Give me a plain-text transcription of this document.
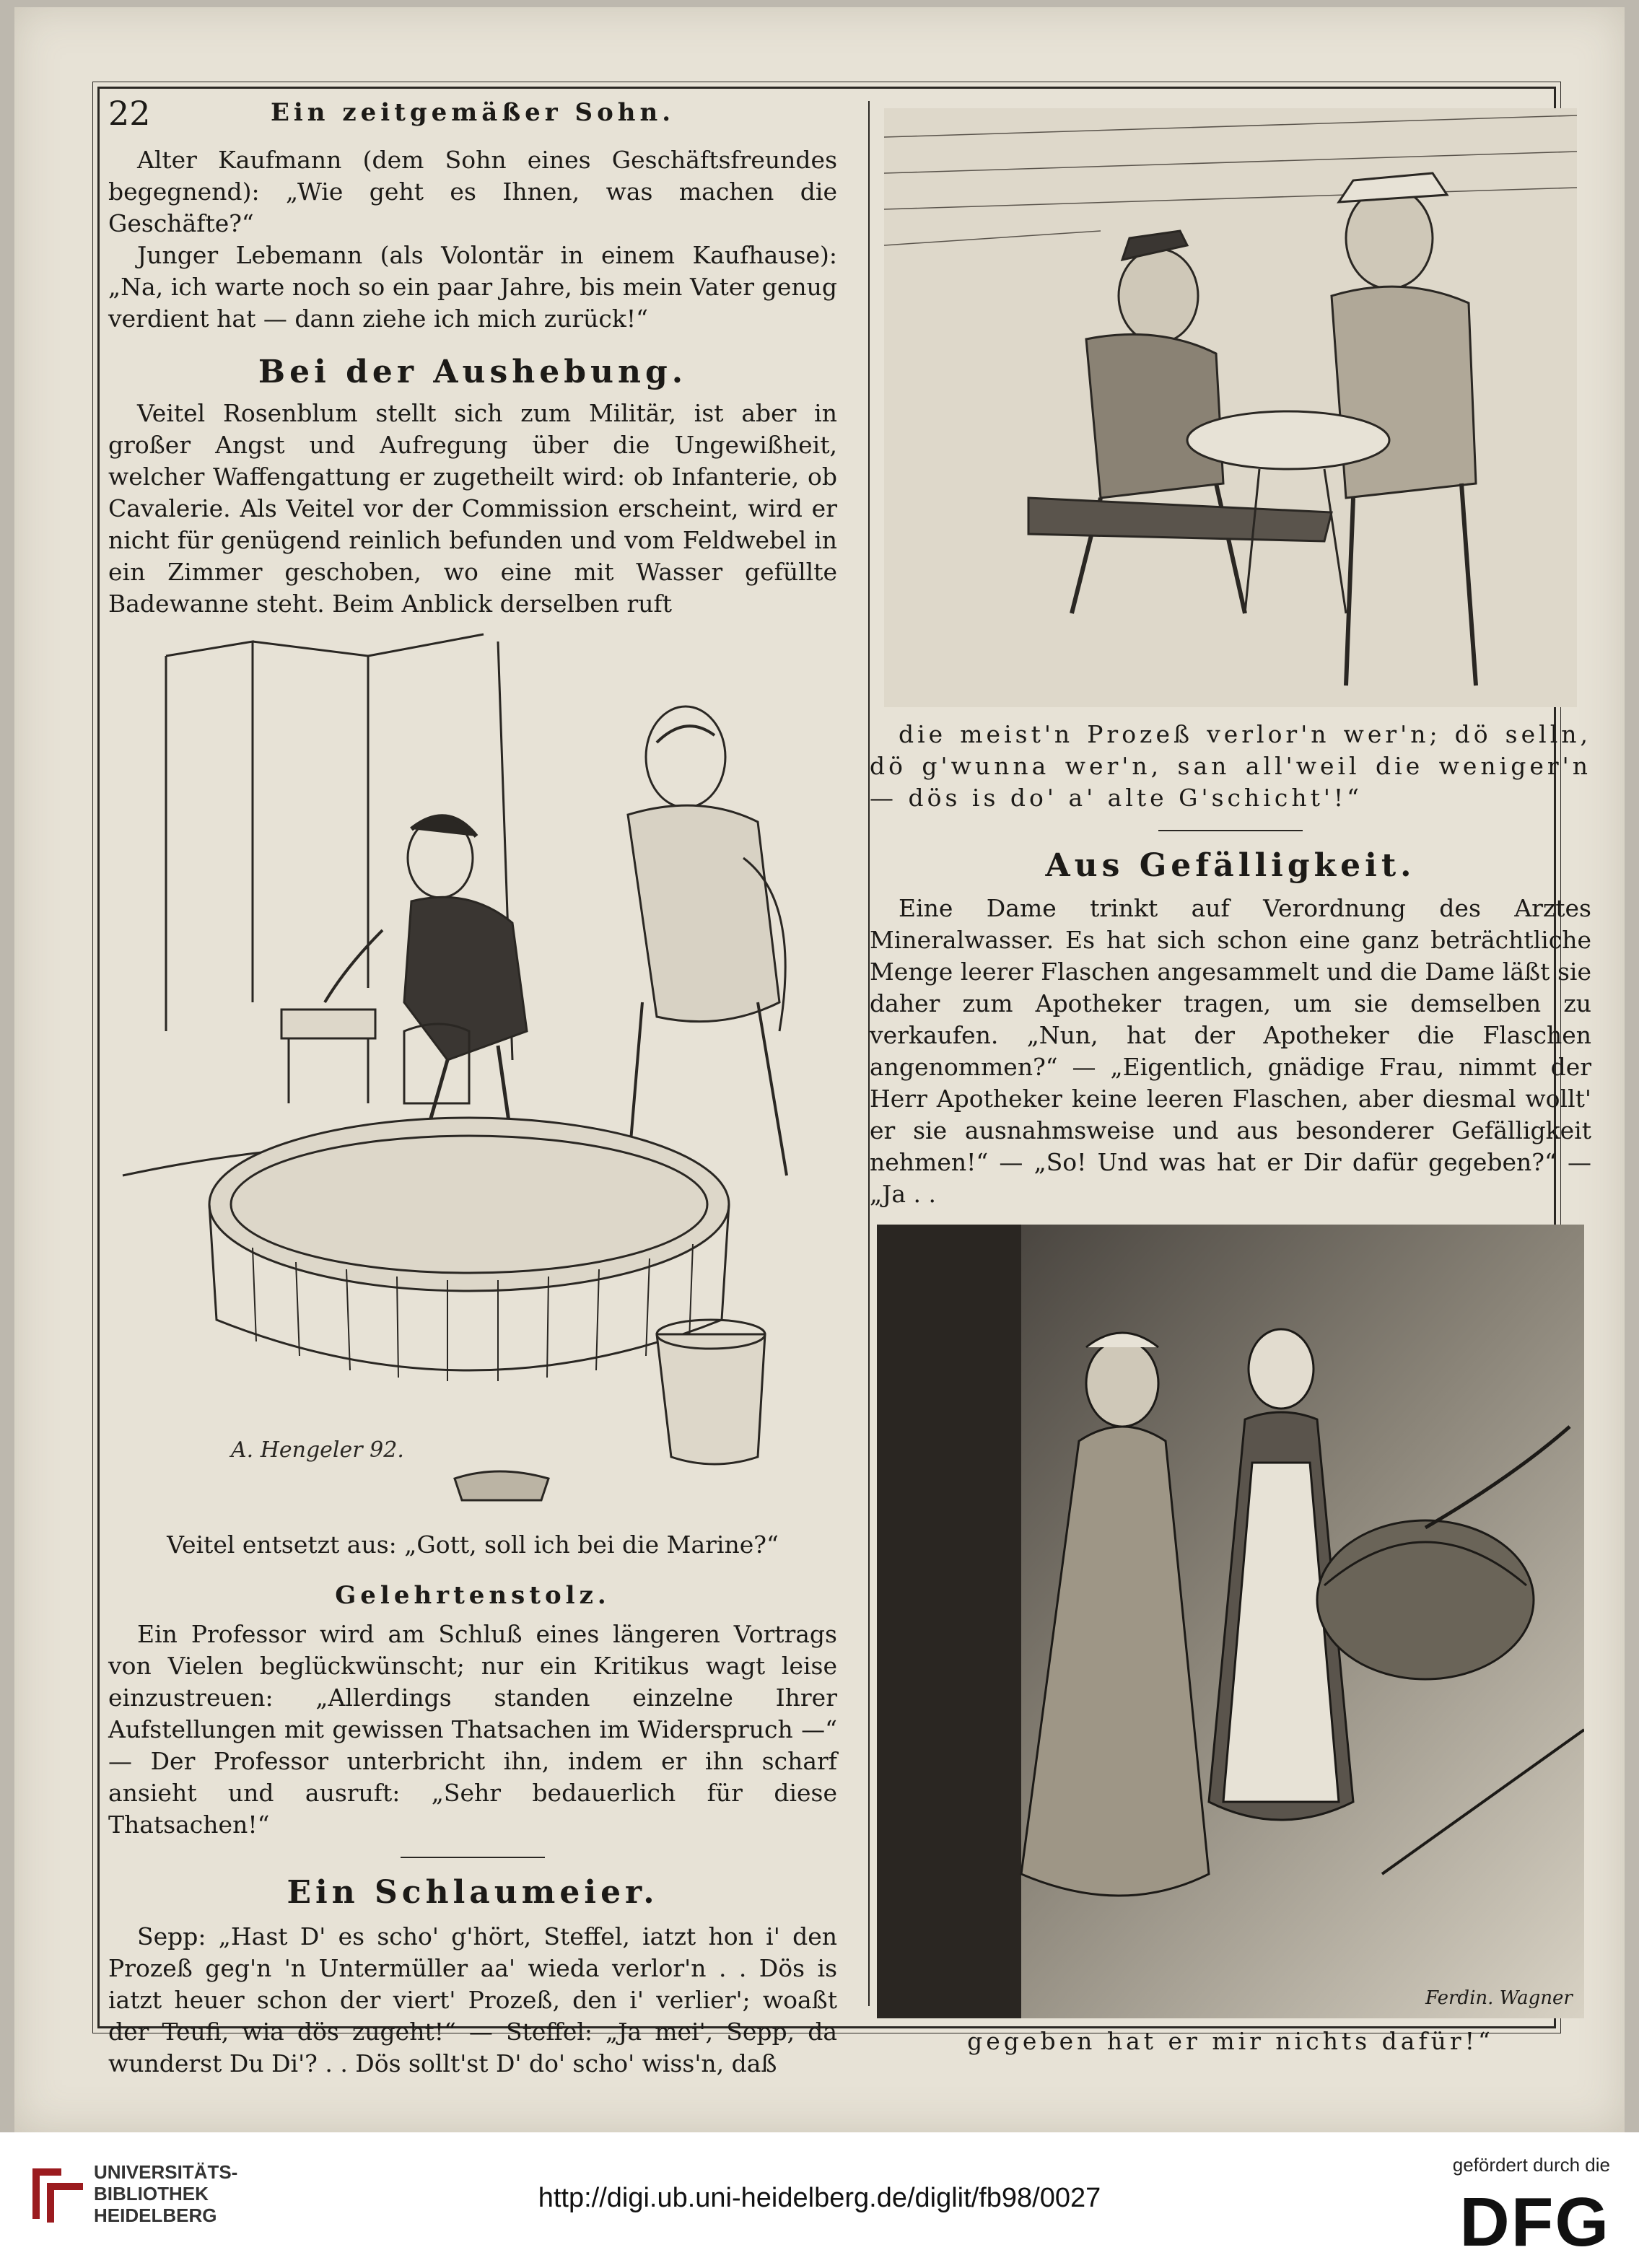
22	Ein zeitgemäßer Sohn.

Alter Kaufmann (dem Sohn eines Geschäftsfreundes begegnend): „Wie geht es Ihnen, was machen die Geschäfte?“

Junger Lebemann (als Volontär in einem Kaufhause): „Na, ich warte noch so ein paar Jahre, bis mein Vater genug verdient hat — dann ziehe ich mich zurück!“

Bei der Aushebung.

Veitel Rosenblum stellt sich zum Militär, ist aber in großer Angst und Aufregung über die Ungewißheit, welcher Waffengattung er zugetheilt wird: ob Infanterie, ob Cavalerie. Als Veitel vor der Commission erscheint, wird er nicht für genügend reinlich befunden und vom Feldwebel in ein Zimmer geschoben, wo eine mit Wasser gefüllte Badewanne steht. Beim Anblick derselben ruft

A. Hengeler 92.
Veitel entsetzt aus: „Gott, soll ich bei die Marine?“
Gelehrtenstolz.

Ein Professor wird am Schluß eines längeren Vortrags von Vielen beglückwünscht; nur ein Kritikus wagt leise einzustreuen: „Allerdings standen einzelne Ihrer Aufstellungen mit gewissen Thatsachen im Widerspruch —“ — Der Professor unterbricht ihn, indem er ihn scharf ansieht und ausruft: „Sehr bedauerlich für diese Thatsachen!“

Ein Schlaumeier.

Sepp: „Hast D' es scho' g'hört, Steffel, iatzt hon i' den Prozeß geg'n 'n Untermüller aa' wieda verlor'n . . Dös is iatzt heuer schon der viert' Prozeß, den i' verlier'; woaßt der Teufi, wia dös zugeht!“ — Steffel: „Ja mei', Sepp, da wunderst Du Di'? . . Dös sollt'st D' do' scho' wiss'n, daß

die meist'n Prozeß verlor'n wer'n; dö selln, dö g'wunna wer'n, san all'weil die weniger'n — dös is do' a' alte G'schicht'!“

Aus Gefälligkeit.

Eine Dame trinkt auf Verordnung des Arztes Mineralwasser. Es hat sich schon eine ganz beträchtliche Menge leerer Flaschen angesammelt und die Dame läßt sie daher zum Apotheker tragen, um sie demselben zu verkaufen. „Nun, hat der Apotheker die Flaschen angenommen?“ — „Eigentlich, gnädige Frau, nimmt der Herr Apotheker keine leeren Flaschen, aber diesmal wollt' er sie ausnahmsweise und aus besonderer Gefälligkeit nehmen!“ — „So! Und was hat er Dir dafür gegeben?“ — „Ja . .

Ferdin. Wagner
gegeben hat er mir nichts dafür!“
UNIVERSITÄTS-
BIBLIOTHEK
HEIDELBERG
http://digi.ub.uni-heidelberg.de/diglit/fb98/0027
gefördert durch die
DFG
